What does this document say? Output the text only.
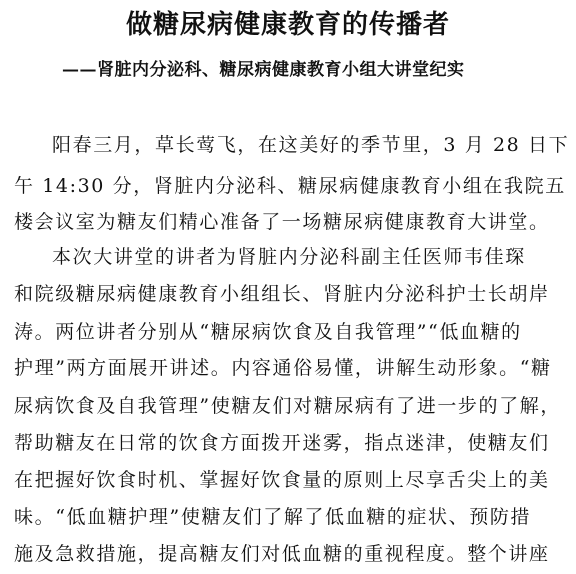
做糖尿病健康教育的传播者
——肾脏内分泌科、糖尿病健康教育小组大讲堂纪实
阳春三月，草长莺飞，在这美好的季节里，3 月 28 日下
午 14:30 分，肾脏内分泌科、糖尿病健康教育小组在我院五
楼会议室为糖友们精心准备了一场糖尿病健康教育大讲堂。
本次大讲堂的讲者为肾脏内分泌科副主任医师韦佳琛
和院级糖尿病健康教育小组组长、肾脏内分泌科护士长胡岸
涛。两位讲者分别从“糖尿病饮食及自我管理”“低血糖的
护理”两方面展开讲述。内容通俗易懂，讲解生动形象。“糖
尿病饮食及自我管理”使糖友们对糖尿病有了进一步的了解，
帮助糖友在日常的饮食方面拨开迷雾，指点迷津，使糖友们
在把握好饮食时机、掌握好饮食量的原则上尽享舌尖上的美
味。“低血糖护理”使糖友们了解了低血糖的症状、预防措
施及急救措施，提高糖友们对低血糖的重视程度。整个讲座
